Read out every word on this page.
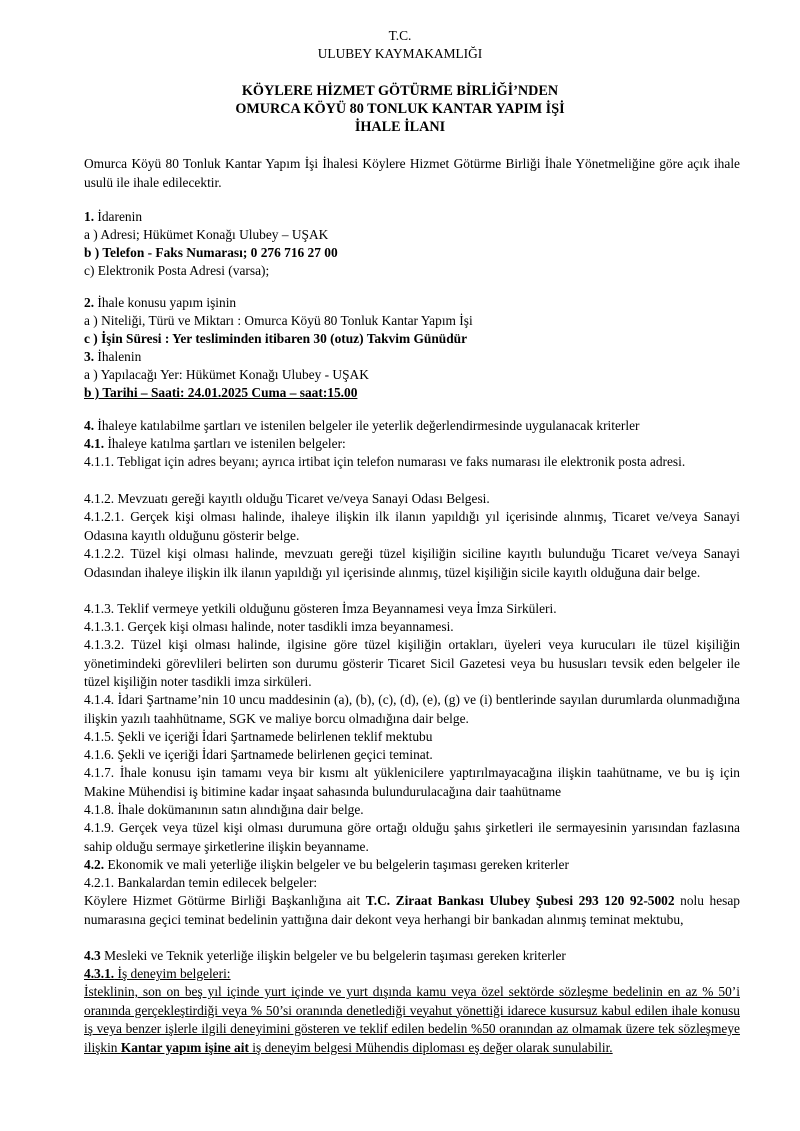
T.C.
ULUBEY KAYMAKAMLIĞI
KÖYLERE HİZMET GÖTÜRME BİRLİĞİ’NDEN
OMURCA KÖYÜ 80 TONLUK KANTAR YAPIM İŞİ
İHALE İLANI
Omurca Köyü 80 Tonluk Kantar Yapım İşi İhalesi Köylere Hizmet Götürme Birliği İhale Yönetmeliğine göre açık ihale usulü ile ihale edilecektir.
1. İdarenin
a ) Adresi; Hükümet Konağı Ulubey – UŞAK
b ) Telefon - Faks Numarası; 0 276 716 27 00
c) Elektronik Posta Adresi (varsa);
2. İhale konusu yapım işinin
a ) Niteliği, Türü ve Miktarı : Omurca Köyü 80 Tonluk Kantar Yapım İşi
c ) İşin Süresi : Yer tesliminden itibaren 30 (otuz) Takvim Günüdür
3. İhalenin
a ) Yapılacağı Yer: Hükümet Konağı Ulubey - UŞAK
b ) Tarihi – Saati: 24.01.2025 Cuma – saat:15.00
4. İhaleye katılabilme şartları ve istenilen belgeler ile yeterlik değerlendirmesinde uygulanacak kriterler
4.1. İhaleye katılma şartları ve istenilen belgeler:
4.1.1. Tebligat için adres beyanı; ayrıca irtibat için telefon numarası ve faks numarası ile elektronik posta adresi.
4.1.2. Mevzuatı gereği kayıtlı olduğu Ticaret ve/veya Sanayi Odası Belgesi.
4.1.2.1. Gerçek kişi olması halinde, ihaleye ilişkin ilk ilanın yapıldığı yıl içerisinde alınmış, Ticaret ve/veya Sanayi Odasına kayıtlı olduğunu gösterir belge.
4.1.2.2. Tüzel kişi olması halinde, mevzuatı gereği tüzel kişiliğin siciline kayıtlı bulunduğu Ticaret ve/veya Sanayi Odasından ihaleye ilişkin ilk ilanın yapıldığı yıl içerisinde alınmış, tüzel kişiliğin sicile kayıtlı olduğuna dair belge.
4.1.3. Teklif vermeye yetkili olduğunu gösteren İmza Beyannamesi veya İmza Sirküleri.
4.1.3.1. Gerçek kişi olması halinde, noter tasdikli imza beyannamesi.
4.1.3.2. Tüzel kişi olması halinde, ilgisine göre tüzel kişiliğin ortakları, üyeleri veya kurucuları ile tüzel kişiliğin yönetimindeki görevlileri belirten son durumu gösterir Ticaret Sicil Gazetesi veya bu hususları tevsik eden belgeler ile tüzel kişiliğin noter tasdikli imza sirküleri.
4.1.4. İdari Şartname’nin 10 uncu maddesinin (a), (b), (c), (d), (e), (g) ve (i) bentlerinde sayılan durumlarda olunmadığına ilişkin yazılı taahhütname, SGK ve maliye borcu olmadığına dair belge.
4.1.5. Şekli ve içeriği İdari Şartnamede belirlenen teklif mektubu
4.1.6. Şekli ve içeriği İdari Şartnamede belirlenen geçici teminat.
4.1.7. İhale konusu işin tamamı veya bir kısmı alt yüklenicilere yaptırılmayacağına ilişkin taahütname, ve bu iş için Makine Mühendisi iş bitimine kadar inşaat sahasında bulundurulacağına dair taahütname
4.1.8. İhale dokümanının satın alındığına dair belge.
4.1.9. Gerçek veya tüzel kişi olması durumuna göre ortağı olduğu şahıs şirketleri ile sermayesinin yarısından fazlasına sahip olduğu sermaye şirketlerine ilişkin beyanname.
4.2. Ekonomik ve mali yeterliğe ilişkin belgeler ve bu belgelerin taşıması gereken kriterler
4.2.1. Bankalardan temin edilecek belgeler:
Köylere Hizmet Götürme Birliği Başkanlığına ait T.C. Ziraat Bankası Ulubey Şubesi 293 120 92-5002 nolu hesap numarasına geçici teminat bedelinin yattığına dair dekont veya herhangi bir bankadan alınmış teminat mektubu,
4.3 Mesleki ve Teknik yeterliğe ilişkin belgeler ve bu belgelerin taşıması gereken kriterler
4.3.1. İş deneyim belgeleri:
İsteklinin, son on beş yıl içinde yurt içinde ve yurt dışında kamu veya özel sektörde sözleşme bedelinin en az % 50’i oranında gerçekleştirdiği veya % 50’si oranında denetlediği veyahut yönettiği idarece kusursuz kabul edilen ihale konusu iş veya benzer işlerle ilgili deneyimini gösteren ve teklif edilen bedelin %50 oranından az olmamak üzere tek sözleşmeye ilişkin Kantar yapım işine ait iş deneyim belgesi Mühendis diploması eş değer olarak sunulabilir.
